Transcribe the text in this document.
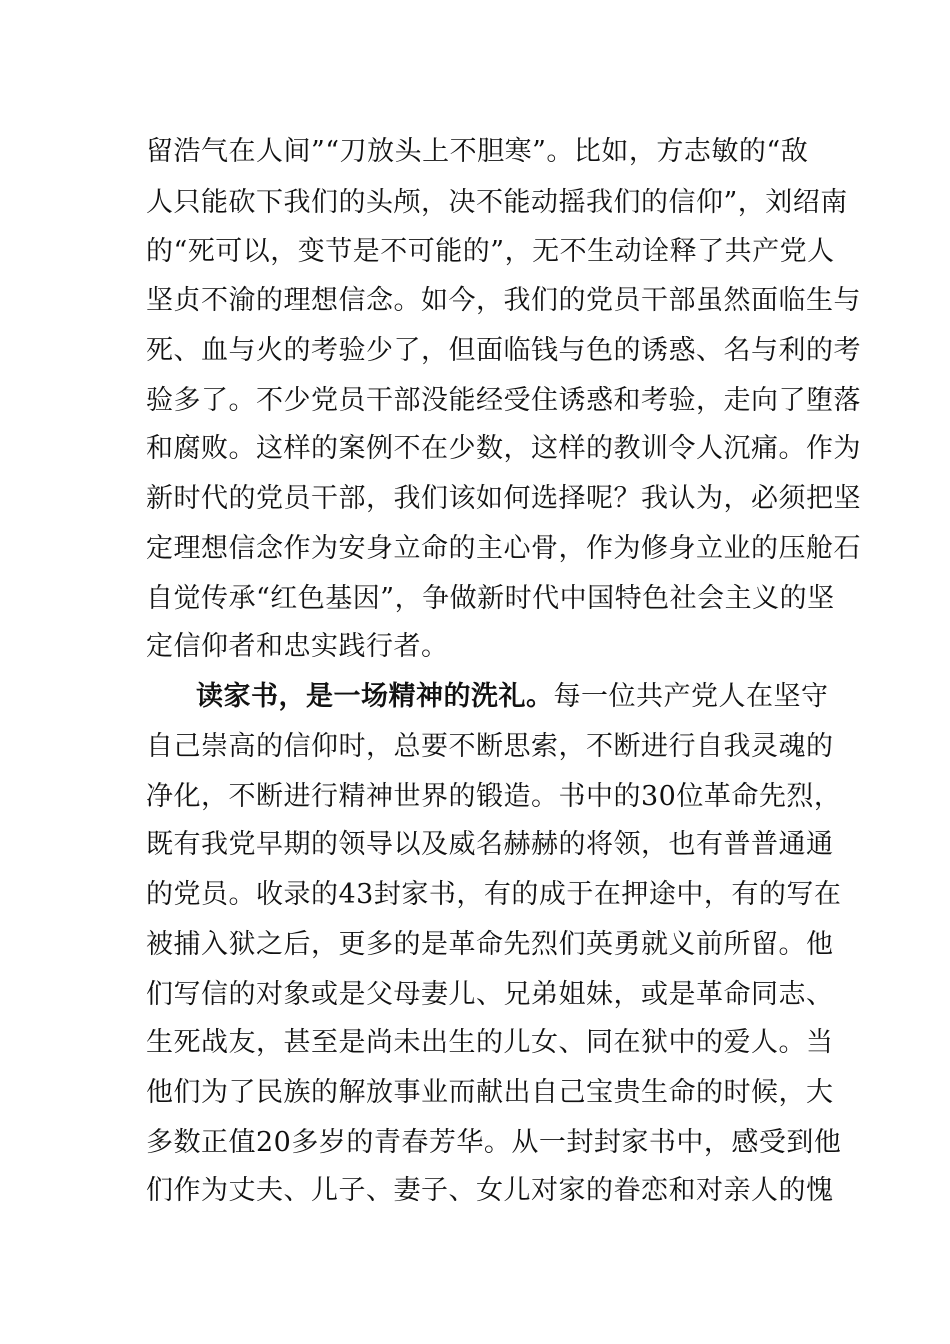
留浩气在人间”“刀放头上不胆寒”。比如，方志敏的“敌
人只能砍下我们的头颅，决不能动摇我们的信仰”，刘绍南
的“死可以，变节是不可能的”，无不生动诠释了共产党人
坚贞不渝的理想信念。如今，我们的党员干部虽然面临生与
死、血与火的考验少了，但面临钱与色的诱惑、名与利的考
验多了。不少党员干部没能经受住诱惑和考验，走向了堕落
和腐败。这样的案例不在少数，这样的教训令人沉痛。作为
新时代的党员干部，我们该如何选择呢？我认为，必须把坚
定理想信念作为安身立命的主心骨，作为修身立业的压舱石
自觉传承“红色基因”，争做新时代中国特色社会主义的坚
定信仰者和忠实践行者。
读家书，是一场精神的洗礼。每一位共产党人在坚守
自己崇高的信仰时，总要不断思索，不断进行自我灵魂的
净化，不断进行精神世界的锻造。书中的30位革命先烈，
既有我党早期的领导以及威名赫赫的将领，也有普普通通
的党员。收录的43封家书，有的成于在押途中，有的写在
被捕入狱之后，更多的是革命先烈们英勇就义前所留。他
们写信的对象或是父母妻儿、兄弟姐妹，或是革命同志、
生死战友，甚至是尚未出生的儿女、同在狱中的爱人。当
他们为了民族的解放事业而献出自己宝贵生命的时候，大
多数正值20多岁的青春芳华。从一封封家书中，感受到他
们作为丈夫、儿子、妻子、女儿对家的眷恋和对亲人的愧
